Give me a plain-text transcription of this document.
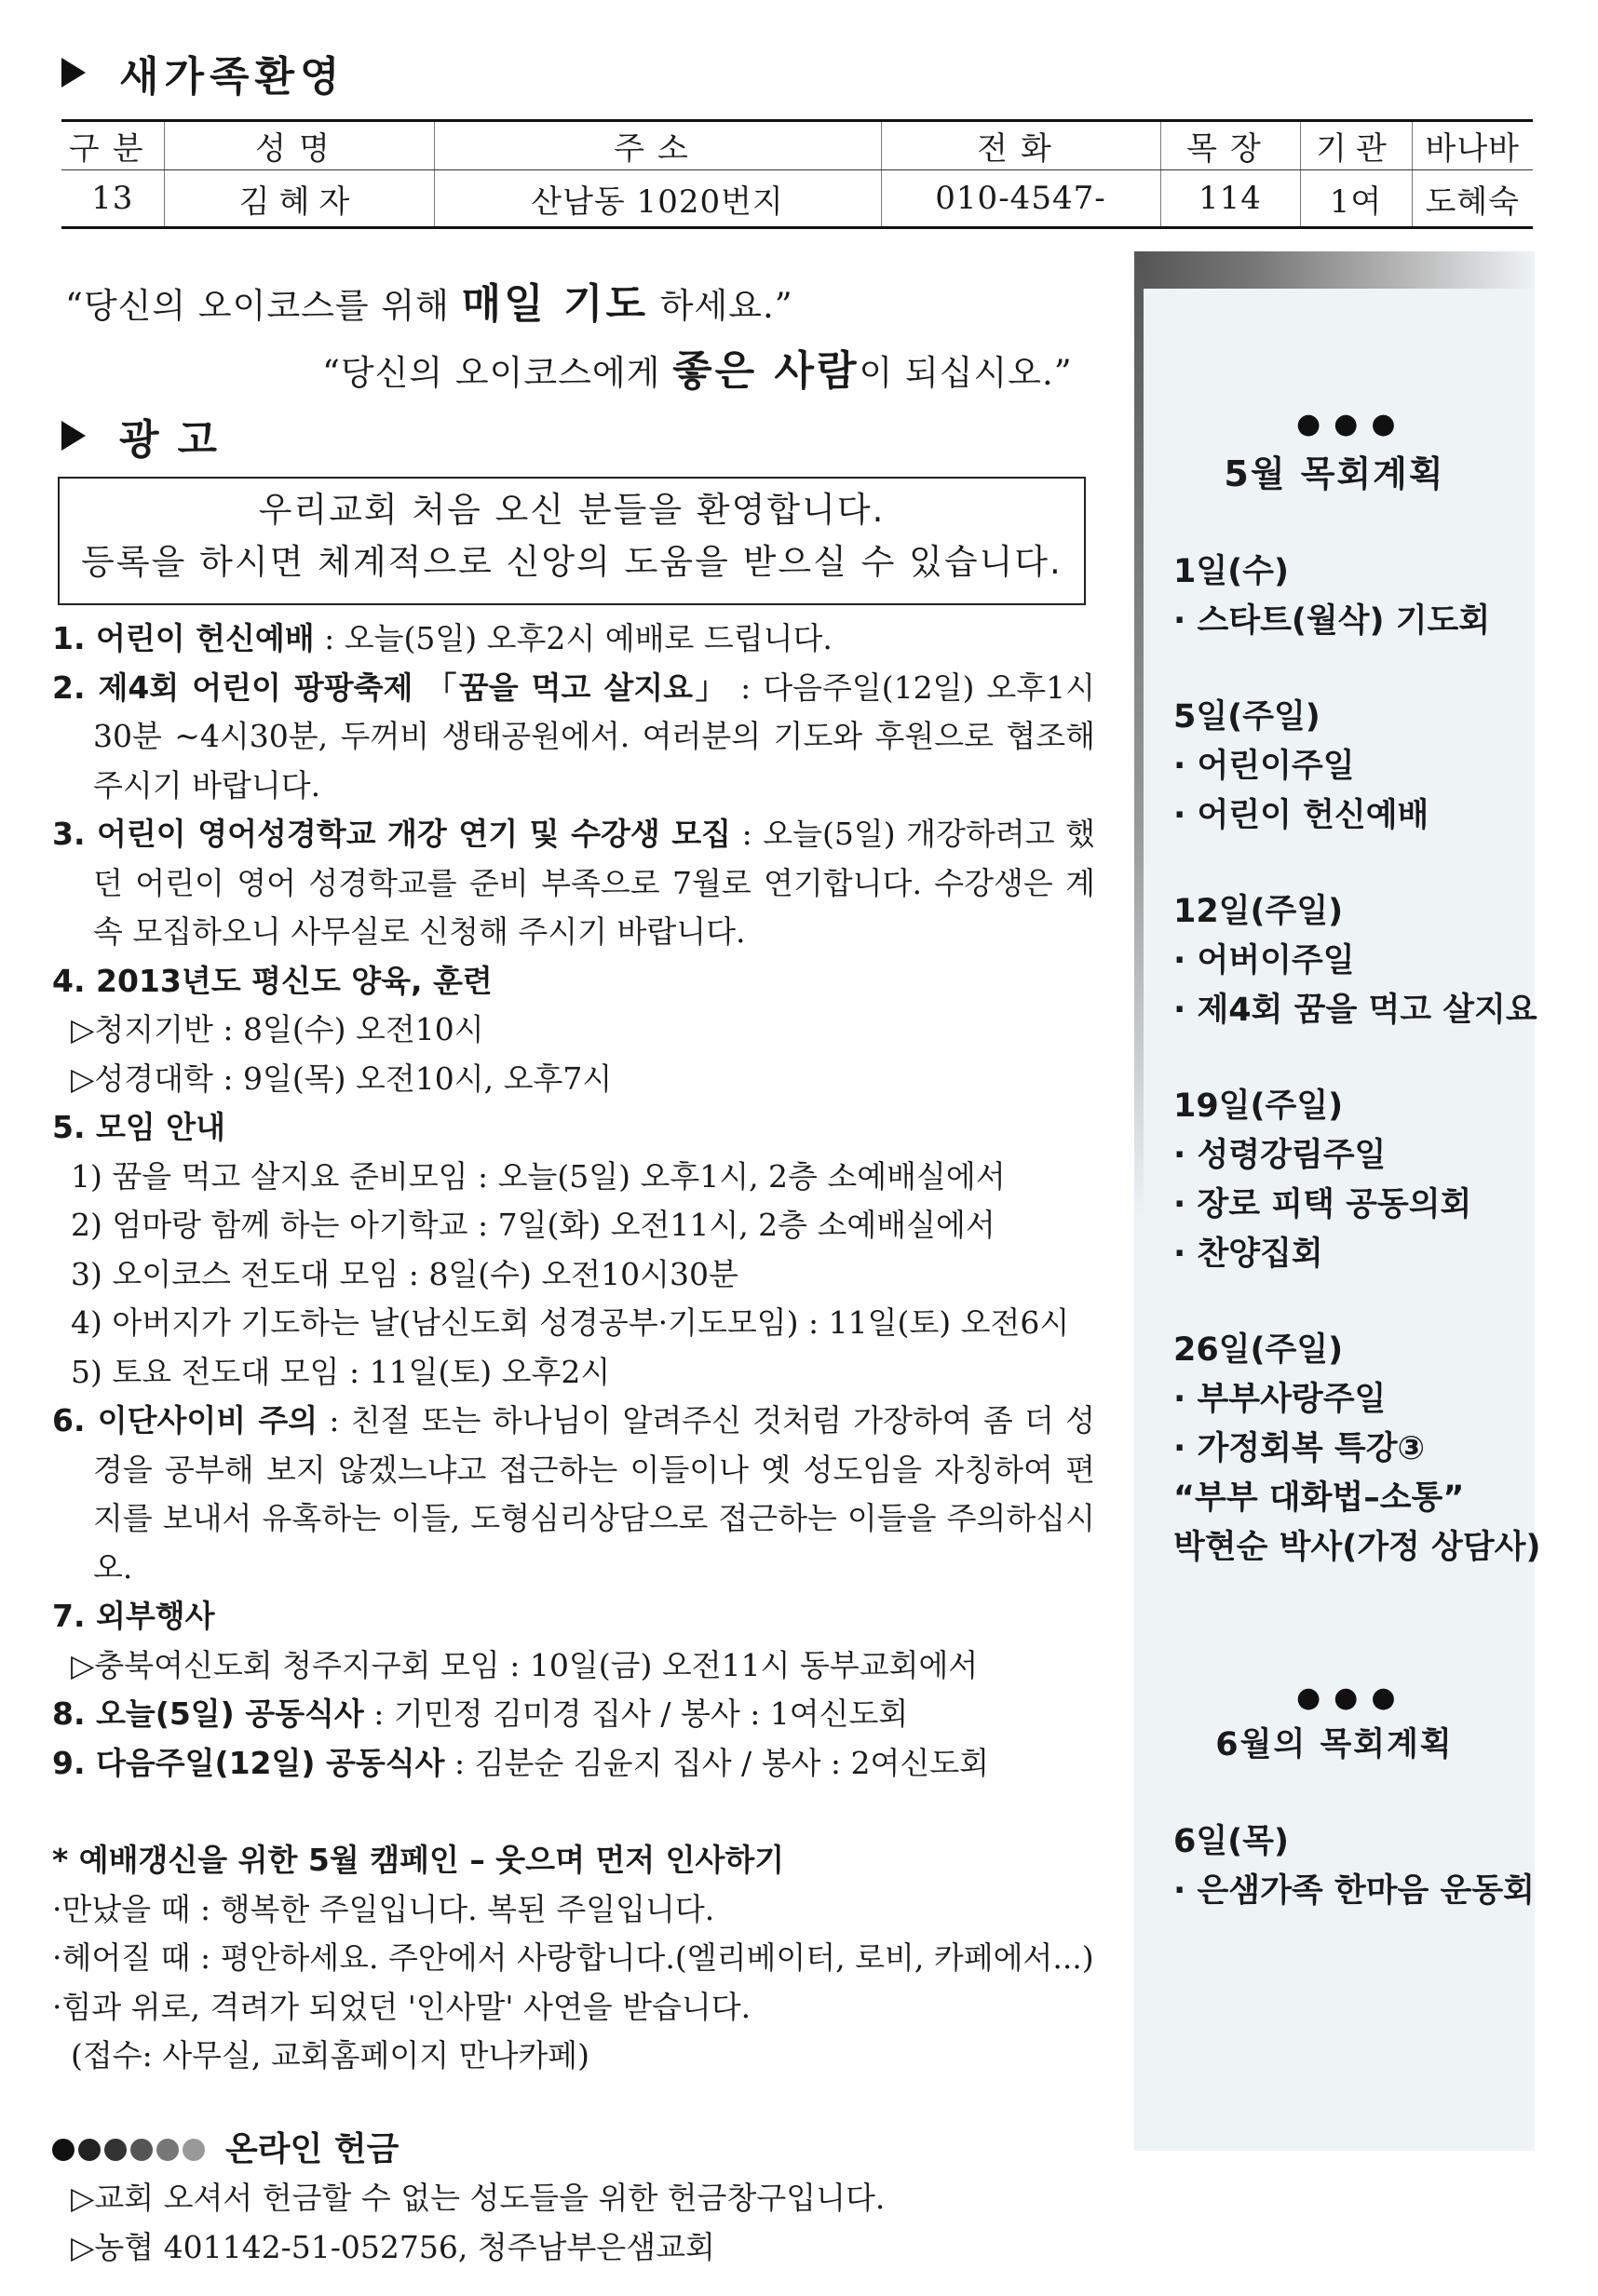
새가족환영
구분	성명	주소	전화	목장	기관	바나바
13	김혜자	산남동 1020번지	010-4547-	114	1여	도혜숙
“당신의 오이코스를 위해 매일 기도 하세요.”
“당신의 오이코스에게 좋은 사람이 되십시오.”
광고
우리교회 처음 오신 분들을 환영합니다.
등록을 하시면 체계적으로 신앙의 도움을 받으실 수 있습니다.

1. 어린이 헌신예배 : 오늘(5일) 오후2시 예배로 드립니다.

2. 제4회 어린이 팡팡축제 「꿈을 먹고 살지요」 : 다음주일(12일) 오후1시 30분 ~4시30분, 두꺼비 생태공원에서. 여러분의 기도와 후원으로 협조해 주시기 바랍니다.

3. 어린이 영어성경학교 개강 연기 및 수강생 모집 : 오늘(5일) 개강하려고 했던 어린이 영어 성경학교를 준비 부족으로 7월로 연기합니다. 수강생은 계속 모집하오니 사무실로 신청해 주시기 바랍니다.

4. 2013년도 평신도 양육, 훈련

▷청지기반 : 8일(수) 오전10시

▷성경대학 : 9일(목) 오전10시, 오후7시

5. 모임 안내

1) 꿈을 먹고 살지요 준비모임 : 오늘(5일) 오후1시, 2층 소예배실에서

2) 엄마랑 함께 하는 아기학교 : 7일(화) 오전11시, 2층 소예배실에서

3) 오이코스 전도대 모임 : 8일(수) 오전10시30분

4) 아버지가 기도하는 날(남신도회 성경공부·기도모임) : 11일(토) 오전6시

5) 토요 전도대 모임 : 11일(토) 오후2시

6. 이단사이비 주의 : 친절 또는 하나님이 알려주신 것처럼 가장하여 좀 더 성경을 공부해 보지 않겠느냐고 접근하는 이들이나 옛 성도임을 자칭하여 편지를 보내서 유혹하는 이들, 도형심리상담으로 접근하는 이들을 주의하십시오.

7. 외부행사

▷충북여신도회 청주지구회 모임 : 10일(금) 오전11시 동부교회에서

8. 오늘(5일) 공동식사 : 기민정 김미경 집사 / 봉사 : 1여신도회

9. 다음주일(12일) 공동식사 : 김분순 김윤지 집사 / 봉사 : 2여신도회

* 예배갱신을 위한 5월 캠페인 – 웃으며 먼저 인사하기

·만났을 때 : 행복한 주일입니다. 복된 주일입니다.

·헤어질 때 : 평안하세요. 주안에서 사랑합니다.(엘리베이터, 로비, 카페에서...)

·힘과 위로, 격려가 되었던 '인사말' 사연을 받습니다.

(접수: 사무실, 교회홈페이지 만나카페)

온라인 헌금

▷교회 오셔서 헌금할 수 없는 성도들을 위한 헌금창구입니다.

▷농협 401142-51-052756, 청주남부은샘교회

●●●
5월 목회계획
1일(수)
· 스타트(월삭) 기도회
5일(주일)
· 어린이주일
· 어린이 헌신예배
12일(주일)
· 어버이주일
· 제4회 꿈을 먹고 살지요
19일(주일)
· 성령강림주일
· 장로 피택 공동의회
· 찬양집회
26일(주일)
· 부부사랑주일
· 가정회복 특강③
“부부 대화법–소통”
박현순 박사(가정 상담사)
●●●
6월의 목회계획
6일(목)
· 은샘가족 한마음 운동회
